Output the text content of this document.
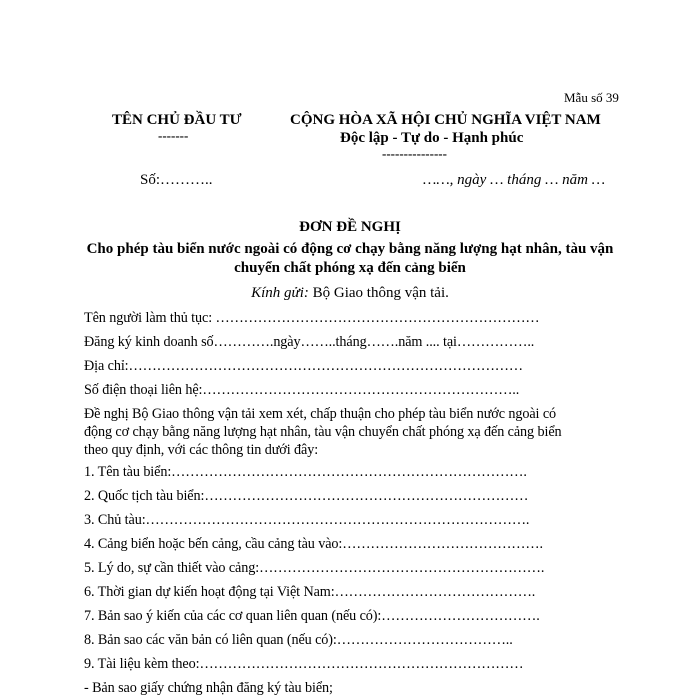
Mẫu số 39
TÊN CHỦ ĐẦU TƯ
-------
CỘNG HÒA XÃ HỘI CHỦ NGHĨA VIỆT NAM
Độc lập - Tự do - Hạnh phúc
---------------
Số:………..	……, ngày … tháng … năm …
ĐƠN ĐỀ NGHỊ
Cho phép tàu biển nước ngoài có động cơ chạy bằng năng lượng hạt nhân, tàu vận
chuyển chất phóng xạ đến cảng biển
Kính gửi: Bộ Giao thông vận tải.
Tên người làm thủ tục: ……………………………………………………………
Đăng ký kinh doanh số………….ngày……..tháng…….năm .... tại……………..
Địa chỉ:…………………………………………………………………………
Số điện thoại liên hệ:…………………………………………………………..
Đề nghị Bộ Giao thông vận tải xem xét, chấp thuận cho phép tàu biển nước ngoài có
động cơ chạy bằng năng lượng hạt nhân, tàu vận chuyển chất phóng xạ đến cảng biển
theo quy định, với các thông tin dưới đây:
1. Tên tàu biển:………………………………………………………………….
2. Quốc tịch tàu biển:……………………………………………………………
3. Chủ tàu:……………………………………………………………………….
4. Cảng biển hoặc bến cảng, cầu cảng tàu vào:…………………………………….
5. Lý do, sự cần thiết vào cảng:…………………………………………………….
6. Thời gian dự kiến hoạt động tại Việt Nam:…………………………………….
7. Bản sao ý kiến của các cơ quan liên quan (nếu có):…………………………….
8. Bản sao các văn bản có liên quan (nếu có):………………………………..
9. Tài liệu kèm theo:……………………………………………………………
- Bản sao giấy chứng nhận đăng ký tàu biển;
